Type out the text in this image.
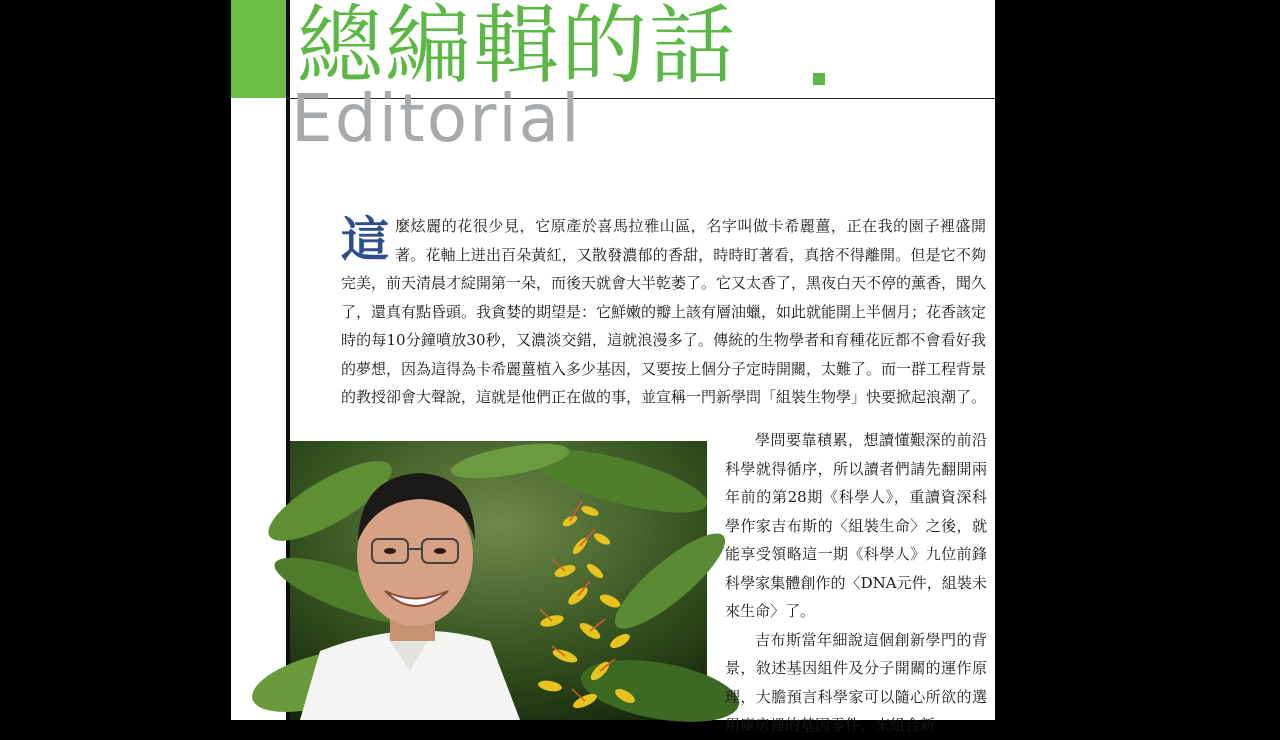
總編輯的話
Editorial

這麼炫麗的花很少見，它原產於喜馬拉雅山區，名字叫做卡希麗薑，正在我的園子裡盛開著。花軸上迸出百朵黃紅，又散發濃郁的香甜，時時盯著看，真捨不得離開。但是它不夠完美，前天清晨才綻開第一朵，而後天就會大半乾萎了。它又太香了，黑夜白天不停的薰香，聞久了，還真有點昏頭。我貪婪的期望是：它鮮嫩的瓣上該有層油蠟，如此就能開上半個月；花香該定時的每10分鐘噴放30秒，又濃淡交錯，這就浪漫多了。傳統的生物學者和育種花匠都不會看好我的夢想，因為這得為卡希麗薑植入多少基因，又要按上個分子定時開關，太難了。而一群工程背景的教授卻會大聲說，這就是他們正在做的事，並宣稱一門新學問「組裝生物學」快要掀起浪潮了。

學問要靠積累，想讀懂艱深的前沿科學就得循序，所以讀者們請先翻開兩年前的第28期《科學人》，重讀資深科學作家吉布斯的〈組裝生命〉之後，就能享受領略這一期《科學人》九位前鋒科學家集體創作的〈DNA元件，組裝未來生命〉了。

吉布斯當年細說這個創新學門的背景，敘述基因組件及分子開關的運作原理，大膽預言科學家可以隨心所欲的選用庫房裡的基因零件，來組合新
